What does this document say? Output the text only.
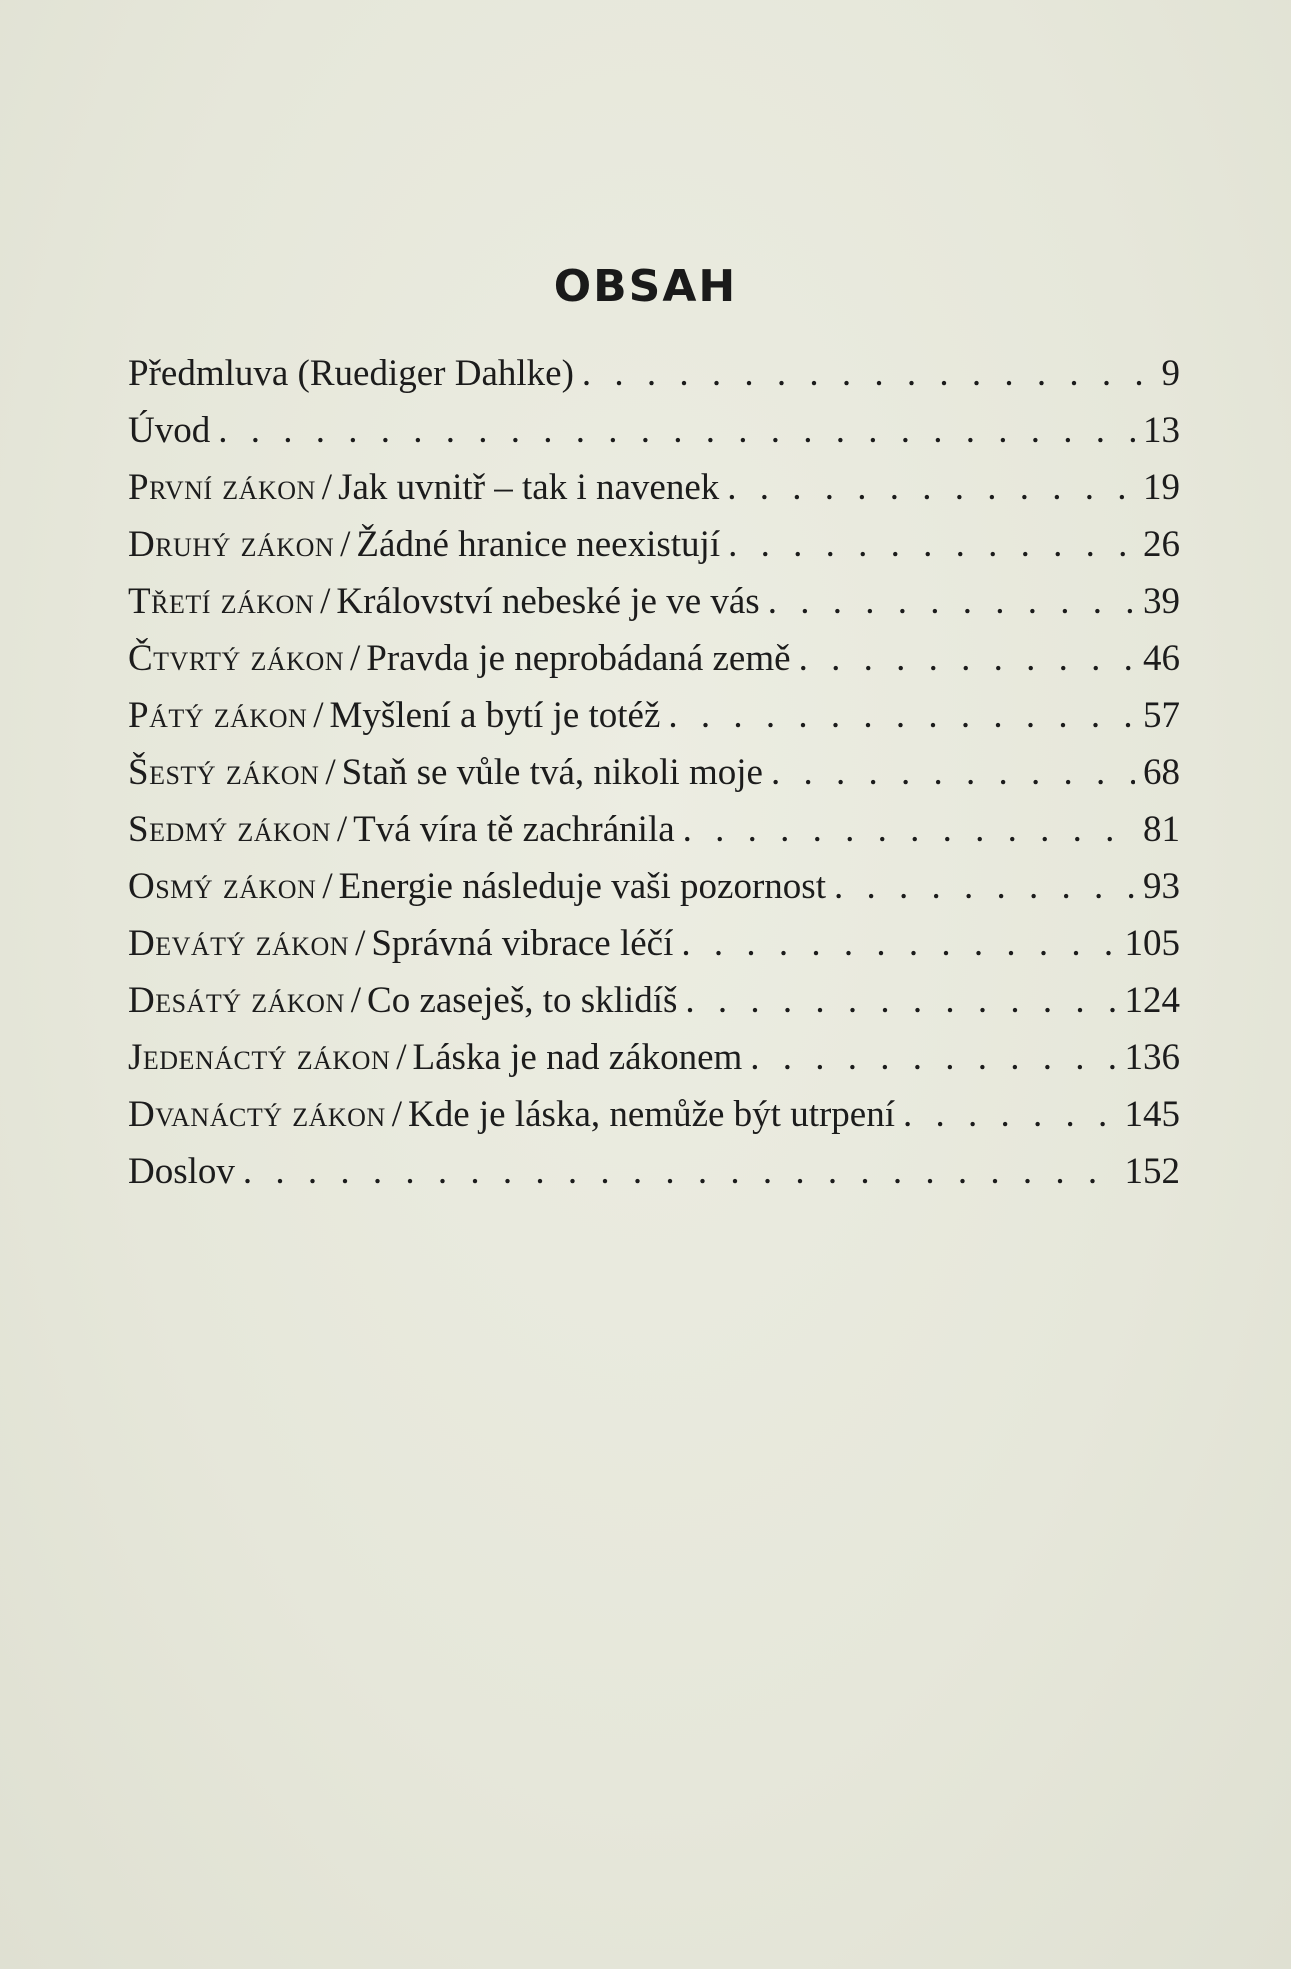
OBSAH
Předmluva (Ruediger Dahlke) . . .	9
Úvod . . .	13
První zákon / Jak uvnitř – tak i navenek . . .	19
Druhý zákon / Žádné hranice neexistují . . .	26
Třetí zákon / Království nebeské je ve vás . . .	39
Čtvrtý zákon / Pravda je neprobádaná země . . .	46
Pátý zákon / Myšlení a bytí je totéž . . .	57
Šestý zákon / Staň se vůle tvá, nikoli moje . . .	68
Sedmý zákon / Tvá víra tě zachránila . . .	81
Osmý zákon / Energie následuje vaši pozornost . . .	93
Devátý zákon / Správná vibrace léčí . . .	105
Desátý zákon / Co zaseješ, to sklidíš . . .	124
Jedenáctý zákon / Láska je nad zákonem . . .	136
Dvanáctý zákon / Kde je láska, nemůže být utrpení . . .	145
Doslov . . .	152
